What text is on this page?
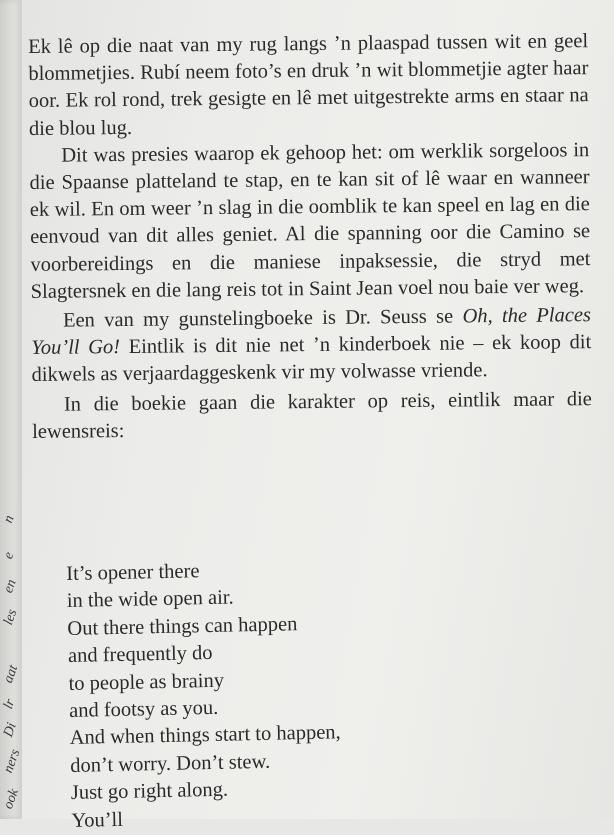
n
e
en
les
aat
lr
Di
ners
ook

Ek lê op die naat van my rug langs ’n plaaspad tussen wit en geel blommetjies. Rubí neem foto’s en druk ’n wit blommetjie agter haar oor. Ek rol rond, trek gesigte en lê met uitgestrekte arms en staar na die blou lug.

Dit was presies waarop ek gehoop het: om werklik sorgeloos in die Spaanse platteland te stap, en te kan sit of lê waar en wanneer ek wil. En om weer ’n slag in die oomblik te kan speel en lag en die eenvoud van dit alles geniet. Al die spanning oor die Camino se voorbereidings en die maniese inpaksessie, die stryd met Slagtersnek en die lang reis tot in Saint Jean voel nou baie ver weg.

Een van my gunstelingboeke is Dr. Seuss se Oh, the Places You’ll Go! Eintlik is dit nie net ’n kinderboek nie – ek koop dit dikwels as verjaardaggeskenk vir my volwasse vriende.

In die boekie gaan die karakter op reis, eintlik maar die lewensreis:

It’s opener there
in the wide open air.
Out there things can happen
and frequently do
to people as brainy
and footsy as you.
And when things start to happen,
don’t worry. Don’t stew.
Just go right along.
You’ll
